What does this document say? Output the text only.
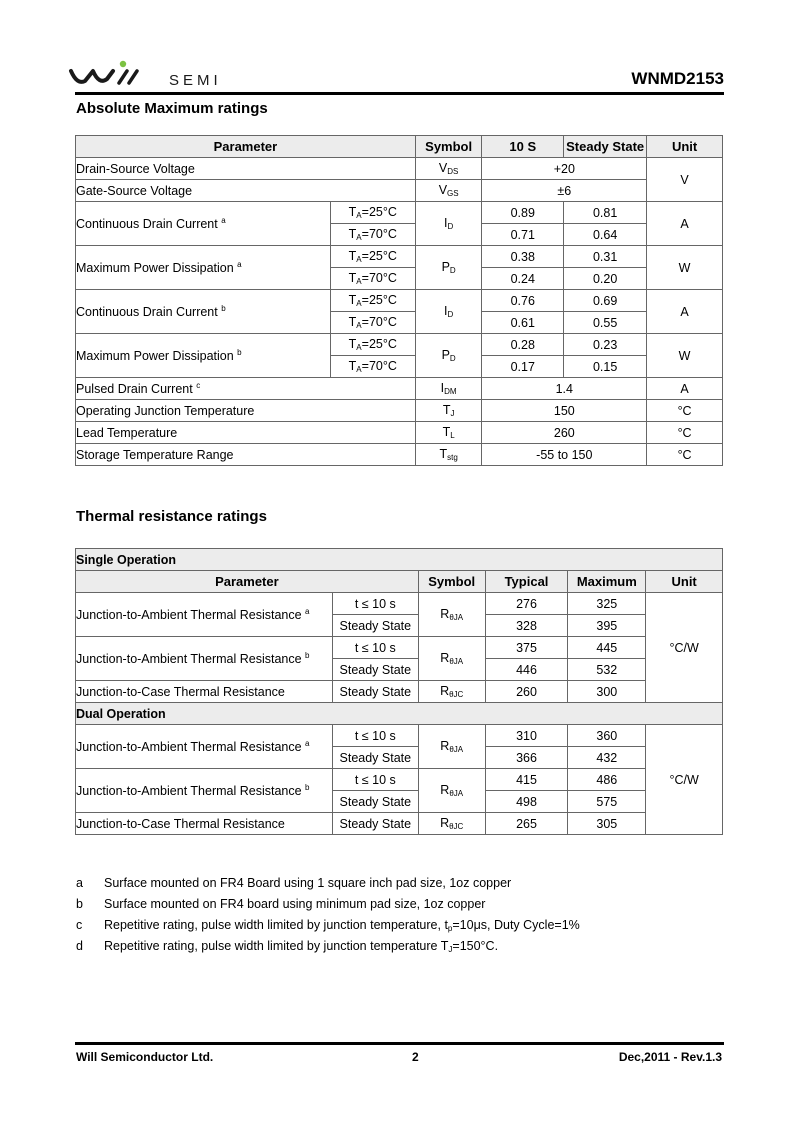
SEMI	WNMD2153
Absolute Maximum ratings
Parameter		Symbol	10 S	Steady State	Unit
Drain-Source Voltage		$V_{DS}$	+20		V
Gate-Source Voltage		$V_{GS}$	±6		
Continuous Drain Current $^a$	$T_A=25^\circ C$	$I_D$	0.89	0.81	A
	$T_A=70^\circ C$		0.71	0.64	
Maximum Power Dissipation $^a$	$T_A=25^\circ C$	$P_D$	0.38	0.31	W
	$T_A=70^\circ C$		0.24	0.20	
Continuous Drain Current $^b$	$T_A=25^\circ C$	$I_D$	0.76	0.69	A
	$T_A=70^\circ C$		0.61	0.55	
Maximum Power Dissipation $^b$	$T_A=25^\circ C$	$P_D$	0.28	0.23	W
	$T_A=70^\circ C$		0.17	0.15	
Pulsed Drain Current $^c$		$I_{DM}$	1.4		A
Operating Junction Temperature		$T_J$	150		°C
Lead Temperature		$T_L$	260		°C
Storage Temperature Range		$T_{stg}$	-55 to 150		°C
Thermal resistance ratings
Single Operation					
Parameter		Symbol	Typical	Maximum	Unit
Junction-to-Ambient Thermal Resistance $^a$	t ≤ 10 s	$R_{\theta JA}$	276	325	°C/W
	Steady State		328	395	
Junction-to-Ambient Thermal Resistance $^b$	t ≤ 10 s	$R_{\theta JA}$	375	445	
	Steady State		446	532	
Junction-to-Case Thermal Resistance	Steady State	$R_{\theta JC}$	260	300	
Dual Operation					
Junction-to-Ambient Thermal Resistance $^a$	t ≤ 10 s	$R_{\theta JA}$	310	360	°C/W
	Steady State		366	432	
Junction-to-Ambient Thermal Resistance $^b$	t ≤ 10 s	$R_{\theta JA}$	415	486	
	Steady State		498	575	
Junction-to-Case Thermal Resistance	Steady State	$R_{\theta JC}$	265	305	
a	Surface mounted on FR4 Board using 1 square inch pad size, 1oz copper
b	Surface mounted on FR4 board using minimum pad size, 1oz copper
c	Repetitive rating, pulse width limited by junction temperature, $t_p=10\mu s$, Duty Cycle=1%
d	Repetitive rating, pulse width limited by junction temperature $T_J=150^\circ C$.
Will Semiconductor Ltd.	2	Dec,2011 - Rev.1.3
